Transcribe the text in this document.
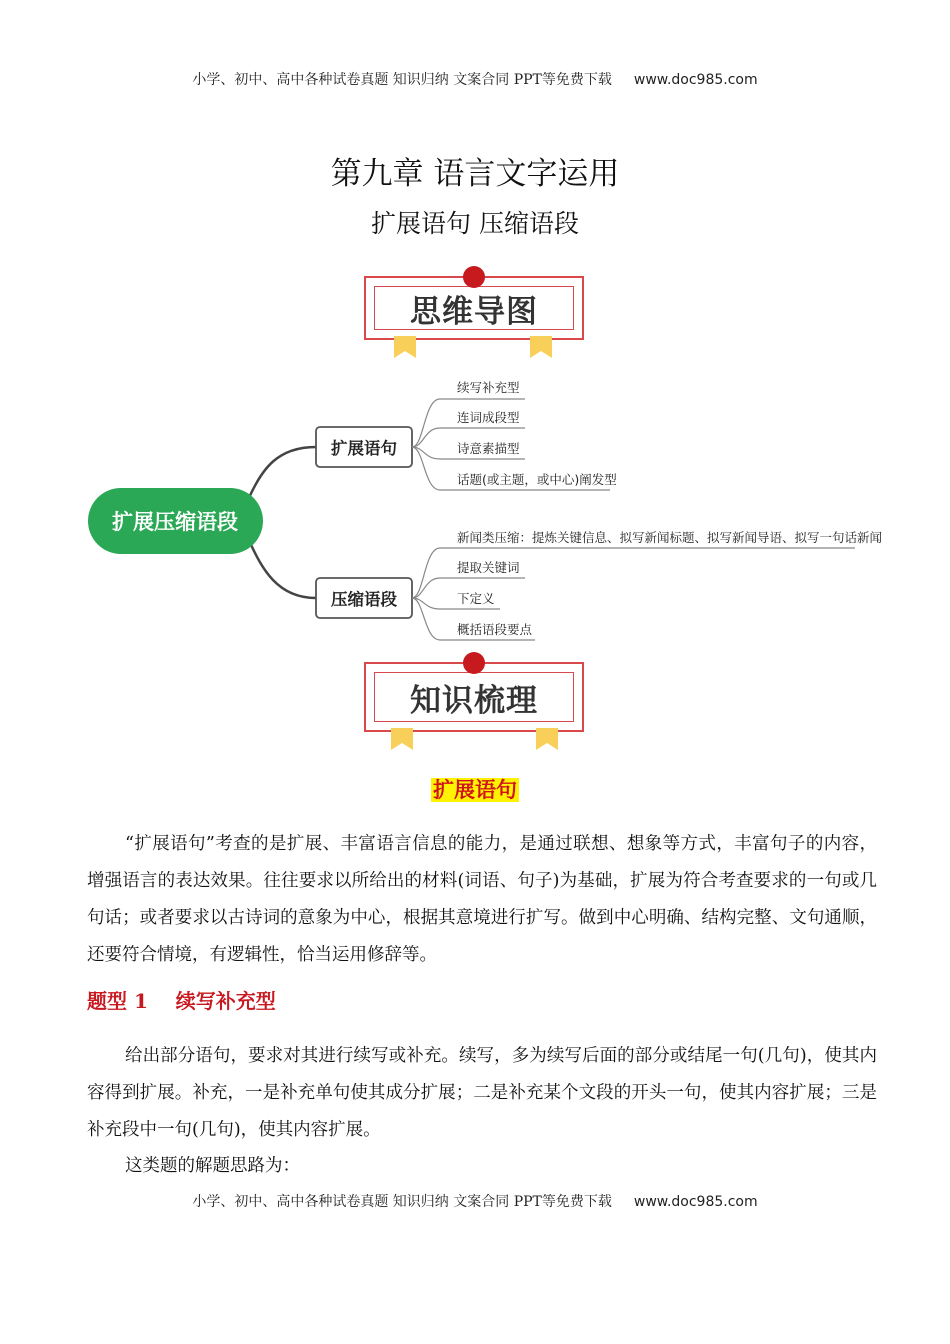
小学、初中、高中各种试卷真题 知识归纳 文案合同 PPT等免费下载 www.doc985.com
第九章 语言文字运用
扩展语句 压缩语段
思维导图
扩展压缩语段
扩展语句
续写补充型
连词成段型
诗意素描型
话题(或主题，或中心)阐发型
压缩语段
新闻类压缩：提炼关键信息、拟写新闻标题、拟写新闻导语、拟写一句话新闻
提取关键词
下定义
概括语段要点
知识梳理
扩展语句

“扩展语句”考查的是扩展、丰富语言信息的能力，是通过联想、想象等方式，丰富句子的内容，增强语言的表达效果。往往要求以所给出的材料(词语、句子)为基础，扩展为符合考查要求的一句或几句话；或者要求以古诗词的意象为中心，根据其意境进行扩写。做到中心明确、结构完整、文句通顺，还要符合情境，有逻辑性，恰当运用修辞等。

题型 1    续写补充型

给出部分语句，要求对其进行续写或补充。续写，多为续写后面的部分或结尾一句(几句)，使其内容得到扩展。补充，一是补充单句使其成分扩展；二是补充某个文段的开头一句，使其内容扩展；三是补充段中一句(几句)，使其内容扩展。

这类题的解题思路为：
小学、初中、高中各种试卷真题 知识归纳 文案合同 PPT等免费下载 www.doc985.com
